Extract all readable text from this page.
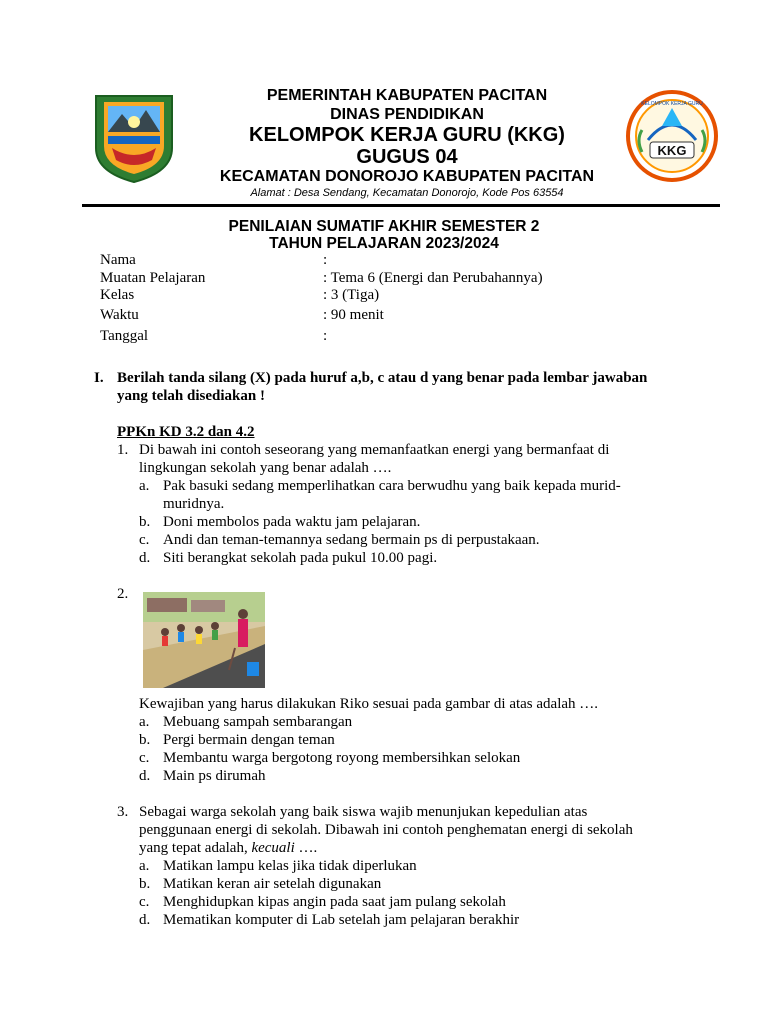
KKG
KELOMPOK KERJA GURU
PEMERINTAH KABUPATEN PACITAN
DINAS PENDIDIKAN
KELOMPOK KERJA GURU (KKG)
GUGUS 04
KECAMATAN DONOROJO KABUPATEN PACITAN
Alamat : Desa Sendang, Kecamatan Donorojo, Kode Pos 63554
PENILAIAN SUMATIF AKHIR SEMESTER 2
TAHUN PELAJARAN 2023/2024
Nama	:
Muatan Pelajaran	: Tema 6 (Energi dan Perubahannya)
Kelas	: 3 (Tiga)
Waktu	: 90 menit
Tanggal	:
I. Berilah tanda silang (X) pada huruf a,b, c atau d yang benar pada lembar jawaban
yang telah disediakan !
PPKn KD 3.2 dan 4.2
1. Di bawah ini contoh seseorang yang memanfaatkan energi yang bermanfaat di
lingkungan sekolah yang benar adalah ….
a. Pak basuki sedang memperlihatkan cara berwudhu yang baik kepada murid-
muridnya.
b. Doni membolos pada waktu jam pelajaran.
c. Andi dan teman-temannya sedang bermain ps di perpustakaan.
d. Siti berangkat sekolah pada pukul 10.00 pagi.
2.
Kewajiban yang harus dilakukan Riko sesuai pada gambar di atas adalah ….
a. Mebuang sampah sembarangan
b. Pergi bermain dengan teman
c. Membantu warga bergotong royong membersihkan selokan
d. Main ps dirumah
3. Sebagai warga sekolah yang baik siswa wajib menunjukan kepedulian atas
penggunaan energi di sekolah. Dibawah ini contoh penghematan energi di sekolah
yang tepat adalah, kecuali ….
a. Matikan lampu kelas jika tidak diperlukan
b. Matikan keran air setelah digunakan
c. Menghidupkan kipas angin pada saat jam pulang sekolah
d. Mematikan komputer di Lab setelah jam pelajaran berakhir
